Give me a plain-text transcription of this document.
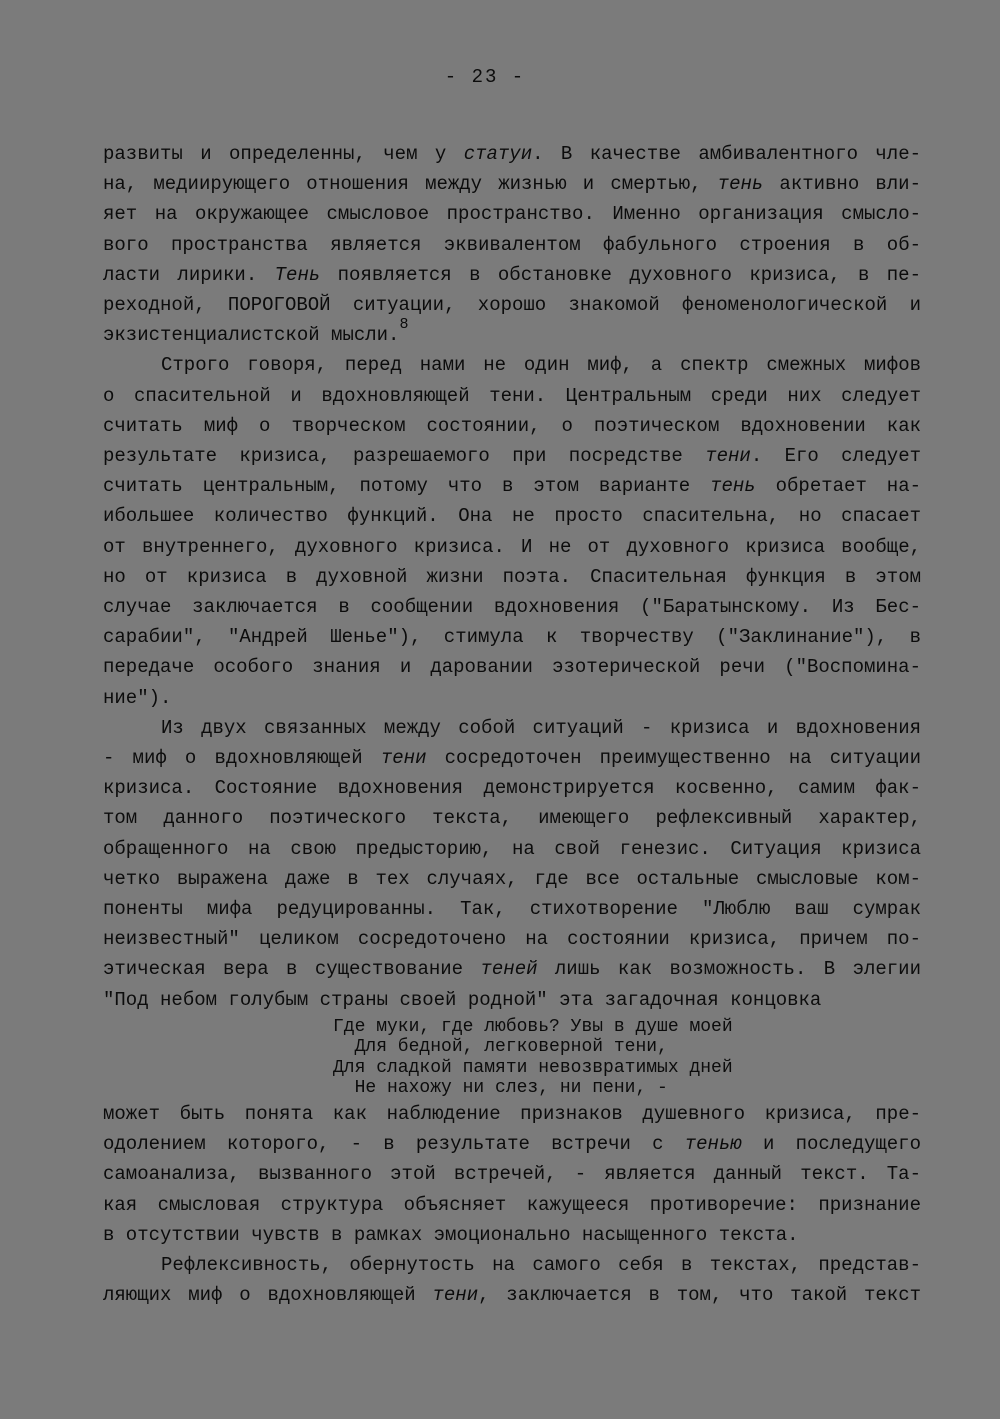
- 23 -
развиты и определенны, чем у статуи. В качестве амбивалентного чле-
на, медиирующего отношения между жизнью и смертью, тень активно вли-
яет на окружающее смысловое пространство. Именно организация смысло-
вого пространства является эквивалентом фабульного строения в об-
ласти лирики. Тень появляется в обстановке духовного кризиса, в пе-
реходной, ПОРОГОВОЙ ситуации, хорошо знакомой феноменологической и
экзистенциалистской мысли.$^8$
Строго говоря, перед нами не один миф, а спектр смежных мифов
о спасительной и вдохновляющей тени. Центральным среди них следует
считать миф о творческом состоянии, о поэтическом вдохновении как
результате кризиса, разрешаемого при посредстве тени. Его следует
считать центральным, потому что в этом варианте тень обретает на-
ибольшее количество функций. Она не просто спасительна, но спасает
от внутреннего, духовного кризиса. И не от духовного кризиса вообще,
но от кризиса в духовной жизни поэта. Спасительная функция в этом
случае заключается в сообщении вдохновения ("Баратынскому. Из Бес-
сарабии", "Андрей Шенье"), стимула к творчеству ("Заклинание"), в
передаче особого знания и даровании эзотерической речи ("Воспомина-
ние").
Из двух связанных между собой ситуаций - кризиса и вдохновения
- миф о вдохновляющей тени сосредоточен преимущественно на ситуации
кризиса. Состояние вдохновения демонстрируется косвенно, самим фак-
том данного поэтического текста, имеющего рефлексивный характер,
обращенного на свою предысторию, на свой генезис. Ситуация кризиса
четко выражена даже в тех случаях, где все остальные смысловые ком-
поненты мифа редуцированны. Так, стихотворение "Люблю ваш сумрак
неизвестный" целиком сосредоточено на состоянии кризиса, причем по-
этическая вера в существование теней лишь как возможность. В элегии
"Под небом голубым страны своей родной" эта загадочная концовка
Где муки, где любовь? Увы в душе моей
Для бедной, легковерной тени,
Для сладкой памяти невозвратимых дней
Не нахожу ни слез, ни пени, -
может быть понята как наблюдение признаков душевного кризиса, пре-
одолением которого, - в результате встречи с тенью и последущего
самоанализа, вызванного этой встречей, - является данный текст. Та-
кая смысловая структура объясняет кажущееся противоречие: признание
в отсутствии чувств в рамках эмоционально насыщенного текста.
Рефлексивность, обернутость на самого себя в текстах, представ-
ляющих миф о вдохновляющей тени, заключается в том, что такой текст
